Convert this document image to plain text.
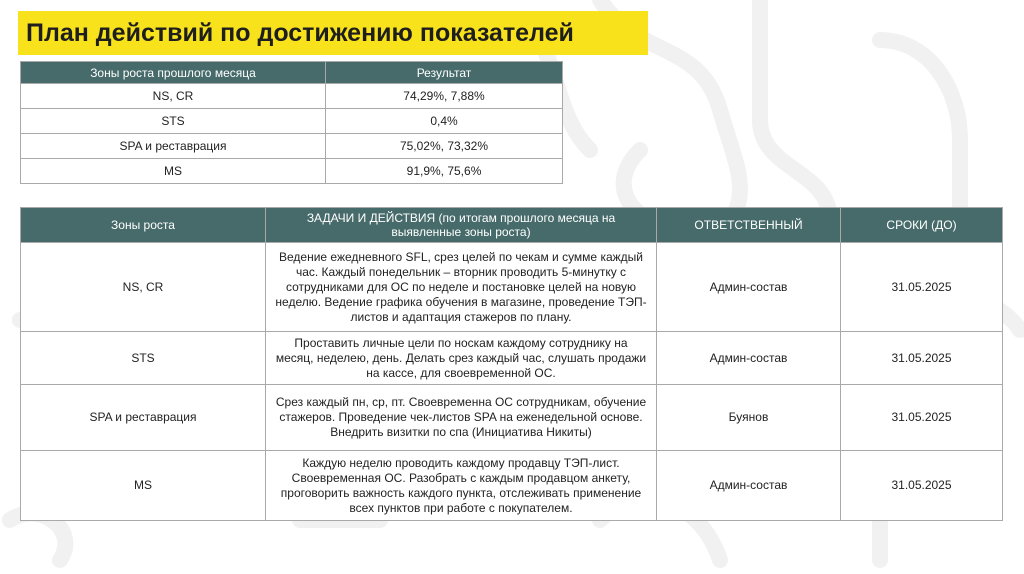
План действий по достижению показателей
Зоны роста прошлого месяца	Результат
NS, CR	74,29%, 7,88%
STS	0,4%
SPA и реставрация	75,02%, 73,32%
MS	91,9%, 75,6%
Зоны роста	ЗАДАЧИ И ДЕЙСТВИЯ (по итогам прошлого месяца на выявленные зоны роста)	ОТВЕТСТВЕННЫЙ	СРОКИ (ДО)
NS, CR	Ведение ежедневного SFL, срез целей по чекам и сумме каждый час. Каждый понедельник – вторник проводить 5-минутку с сотрудниками для ОС по неделе и постановке целей на новую неделю. Ведение графика обучения в магазине, проведение ТЭП-листов и адаптация стажеров по плану.	Админ-состав	31.05.2025
STS	Проставить личные цели по носкам каждому сотруднику на месяц, неделею, день. Делать срез каждый час, слушать продажи на кассе, для своевременной ОС.	Админ-состав	31.05.2025
SPA и реставрация	Срез каждый пн, ср, пт. Своевременна ОС сотрудникам, обучение стажеров. Проведение чек-листов SPA на еженедельной основе. Внедрить визитки по спа (Инициатива Никиты)	Буянов	31.05.2025
MS	Каждую неделю проводить каждому продавцу ТЭП-лист. Своевременная ОС. Разобрать с каждым продавцом анкету, проговорить важность каждого пункта, отслеживать применение всех пунктов при работе с покупателем.	Админ-состав	31.05.2025
